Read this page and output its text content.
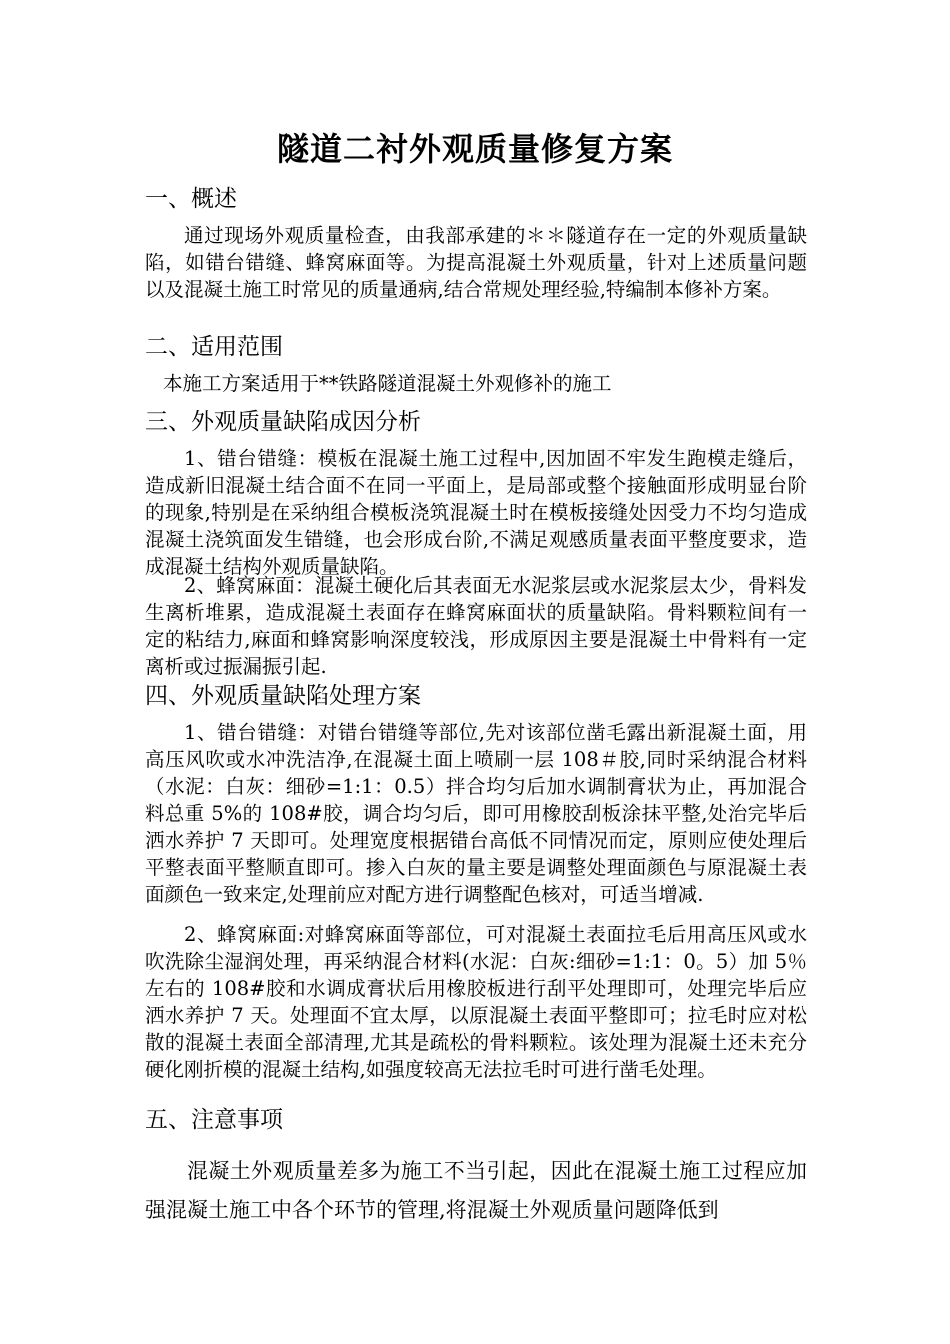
隧道二衬外观质量修复方案
一、概述
通过现场外观质量检查，由我部承建的＊＊隧道存在一定的外观质量缺陷，如错台错缝、蜂窝麻面等。为提高混凝土外观质量，针对上述质量问题以及混凝土施工时常见的质量通病,结合常规处理经验,特编制本修补方案。
二、适用范围
本施工方案适用于**铁路隧道混凝土外观修补的施工
三、外观质量缺陷成因分析
1、错台错缝：模板在混凝土施工过程中,因加固不牢发生跑模走缝后，造成新旧混凝土结合面不在同一平面上，是局部或整个接触面形成明显台阶的现象,特别是在采纳组合模板浇筑混凝土时在模板接缝处因受力不均匀造成混凝土浇筑面发生错缝，也会形成台阶,不满足观感质量表面平整度要求，造成混凝土结构外观质量缺陷。
2、蜂窝麻面：混凝土硬化后其表面无水泥浆层或水泥浆层太少，骨料发生离析堆累，造成混凝土表面存在蜂窝麻面状的质量缺陷。骨料颗粒间有一定的粘结力,麻面和蜂窝影响深度较浅，形成原因主要是混凝土中骨料有一定离析或过振漏振引起.
四、外观质量缺陷处理方案
1、错台错缝：对错台错缝等部位,先对该部位凿毛露出新混凝土面，用高压风吹或水冲洗洁净,在混凝土面上喷刷一层 108＃胶,同时采纳混合材料（水泥：白灰：细砂=1:1：0.5）拌合均匀后加水调制膏状为止，再加混合料总重 5%的 108#胶，调合均匀后，即可用橡胶刮板涂抹平整,处治完毕后洒水养护 7 天即可。处理宽度根据错台高低不同情况而定，原则应使处理后平整表面平整顺直即可。掺入白灰的量主要是调整处理面颜色与原混凝土表面颜色一致来定,处理前应对配方进行调整配色核对，可适当增减.
2、蜂窝麻面:对蜂窝麻面等部位，可对混凝土表面拉毛后用高压风或水吹洗除尘湿润处理，再采纳混合材料(水泥：白灰:细砂=1:1：0。5）加 5％左右的 108#胶和水调成膏状后用橡胶板进行刮平处理即可，处理完毕后应洒水养护 7 天。处理面不宜太厚，以原混凝土表面平整即可；拉毛时应对松散的混凝土表面全部清理,尤其是疏松的骨料颗粒。该处理为混凝土还未充分硬化刚折模的混凝土结构,如强度较高无法拉毛时可进行凿毛处理。
五、注意事项
混凝土外观质量差多为施工不当引起，因此在混凝土施工过程应加强混凝土施工中各个环节的管理,将混凝土外观质量问题降低到
